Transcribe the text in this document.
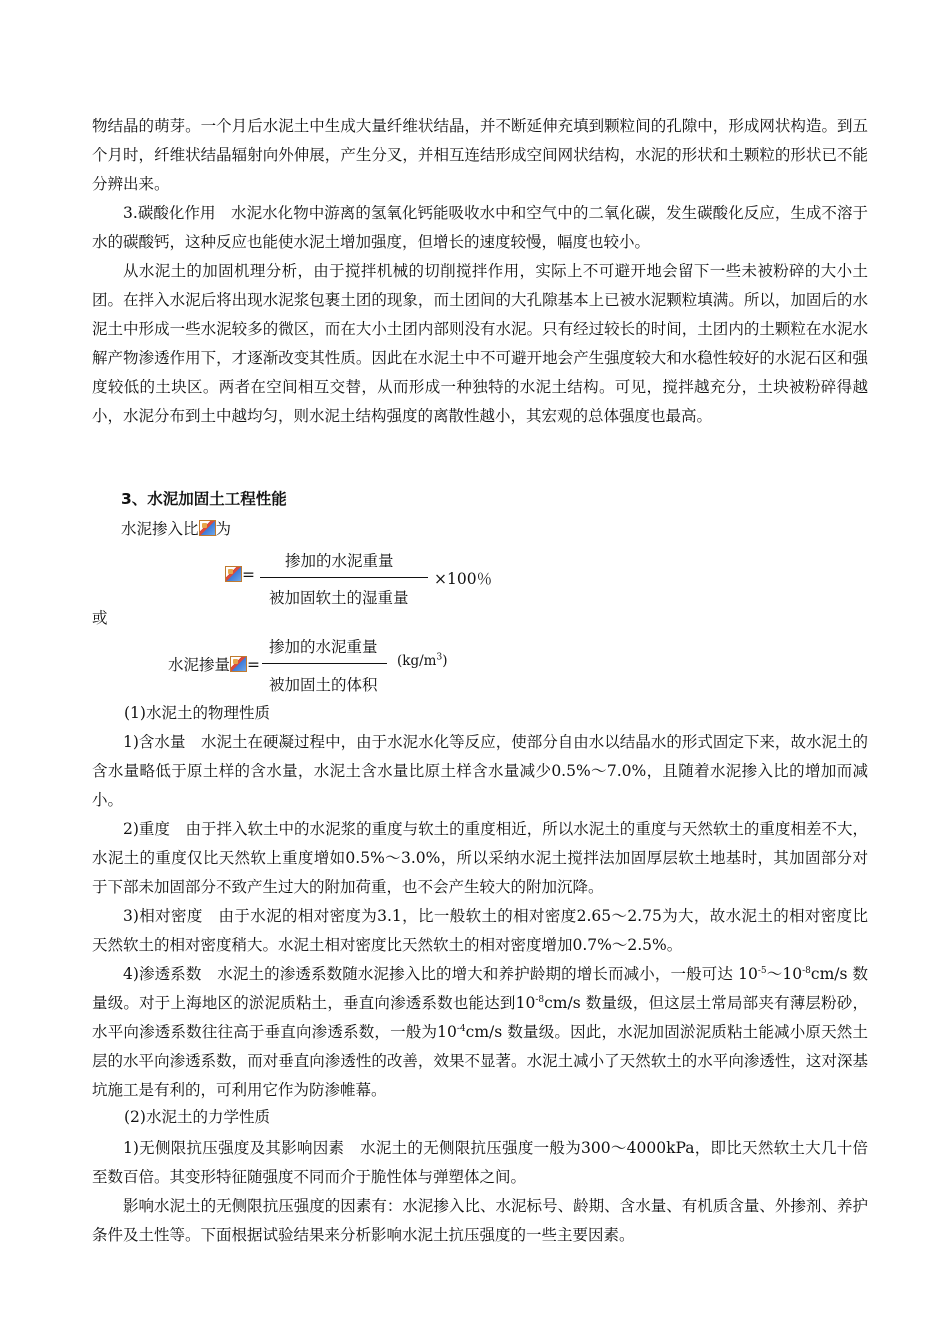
物结晶的萌芽。一个月后水泥土中生成大量纤维状结晶，并不断延伸充填到颗粒间的孔隙中，形成网状构造。到五个月时，纤维状结晶辐射向外伸展，产生分叉，并相互连结形成空间网状结构，水泥的形状和土颗粒的形状已不能分辨出来。

3.碳酸化作用　水泥水化物中游离的氢氧化钙能吸收水中和空气中的二氧化碳，发生碳酸化反应，生成不溶于水的碳酸钙，这种反应也能使水泥土增加强度，但增长的速度较慢，幅度也较小。

从水泥土的加固机理分析，由于搅拌机械的切削搅拌作用，实际上不可避开地会留下一些未被粉碎的大小土团。在拌入水泥后将出现水泥浆包裹土团的现象，而土团间的大孔隙基本上已被水泥颗粒填满。所以，加固后的水泥土中形成一些水泥较多的微区，而在大小土团内部则没有水泥。只有经过较长的时间，土团内的土颗粒在水泥水解产物渗透作用下，才逐渐改变其性质。因此在水泥土中不可避开地会产生强度较大和水稳性较好的水泥石区和强度较低的土块区。两者在空间相互交替，从而形成一种独特的水泥土结构。可见，搅拌越充分，土块被粉碎得越小，水泥分布到土中越均匀，则水泥土结构强度的离散性越小，其宏观的总体强度也最高。

3、水泥加固土工程性能

水泥掺入比 为

=

掺加的水泥重量

被加固软土的湿重量

×100％

或

水泥掺量 =

掺加的水泥重量

被加固土的体积

$(kg/m^3)$

(1)水泥土的物理性质

1)含水量　水泥土在硬凝过程中，由于水泥水化等反应，使部分自由水以结晶水的形式固定下来，故水泥土的含水量略低于原土样的含水量，水泥土含水量比原土样含水量减少0.5%～7.0%，且随着水泥掺入比的增加而减小。

2)重度　由于拌入软土中的水泥浆的重度与软土的重度相近，所以水泥土的重度与天然软土的重度相差不大，水泥土的重度仅比天然软上重度增如0.5%～3.0%，所以采纳水泥土搅拌法加固厚层软土地基时，其加固部分对于下部未加固部分不致产生过大的附加荷重，也不会产生较大的附加沉降。

3)相对密度　由于水泥的相对密度为3.1，比一般软土的相对密度2.65～2.75为大，故水泥土的相对密度比天然软土的相对密度稍大。水泥土相对密度比天然软土的相对密度增加0.7%～2.5%。

4)渗透系数　水泥土的渗透系数随水泥掺入比的增大和养护龄期的增长而减小，一般可达 $10^{-5}\sim 10^{-8}cm/s$ 数量级。对于上海地区的淤泥质粘土，垂直向渗透系数也能达到$10^{-8}cm/s$ 数量级，但这层土常局部夹有薄层粉砂，水平向渗透系数往往高于垂直向渗透系数，一般为$10^{-4}cm/s$ 数量级。因此，水泥加固淤泥质粘土能减小原天然土层的水平向渗透系数，而对垂直向渗透性的改善，效果不显著。水泥土减小了天然软土的水平向渗透性，这对深基坑施工是有利的，可利用它作为防渗帷幕。

(2)水泥土的力学性质

1)无侧限抗压强度及其影响因素　水泥土的无侧限抗压强度一般为300～4000kPa，即比天然软土大几十倍至数百倍。其变形特征随强度不同而介于脆性体与弹塑体之间。

影响水泥土的无侧限抗压强度的因素有：水泥掺入比、水泥标号、龄期、含水量、有机质含量、外掺剂、养护条件及土性等。下面根据试验结果来分析影响水泥土抗压强度的一些主要因素。
